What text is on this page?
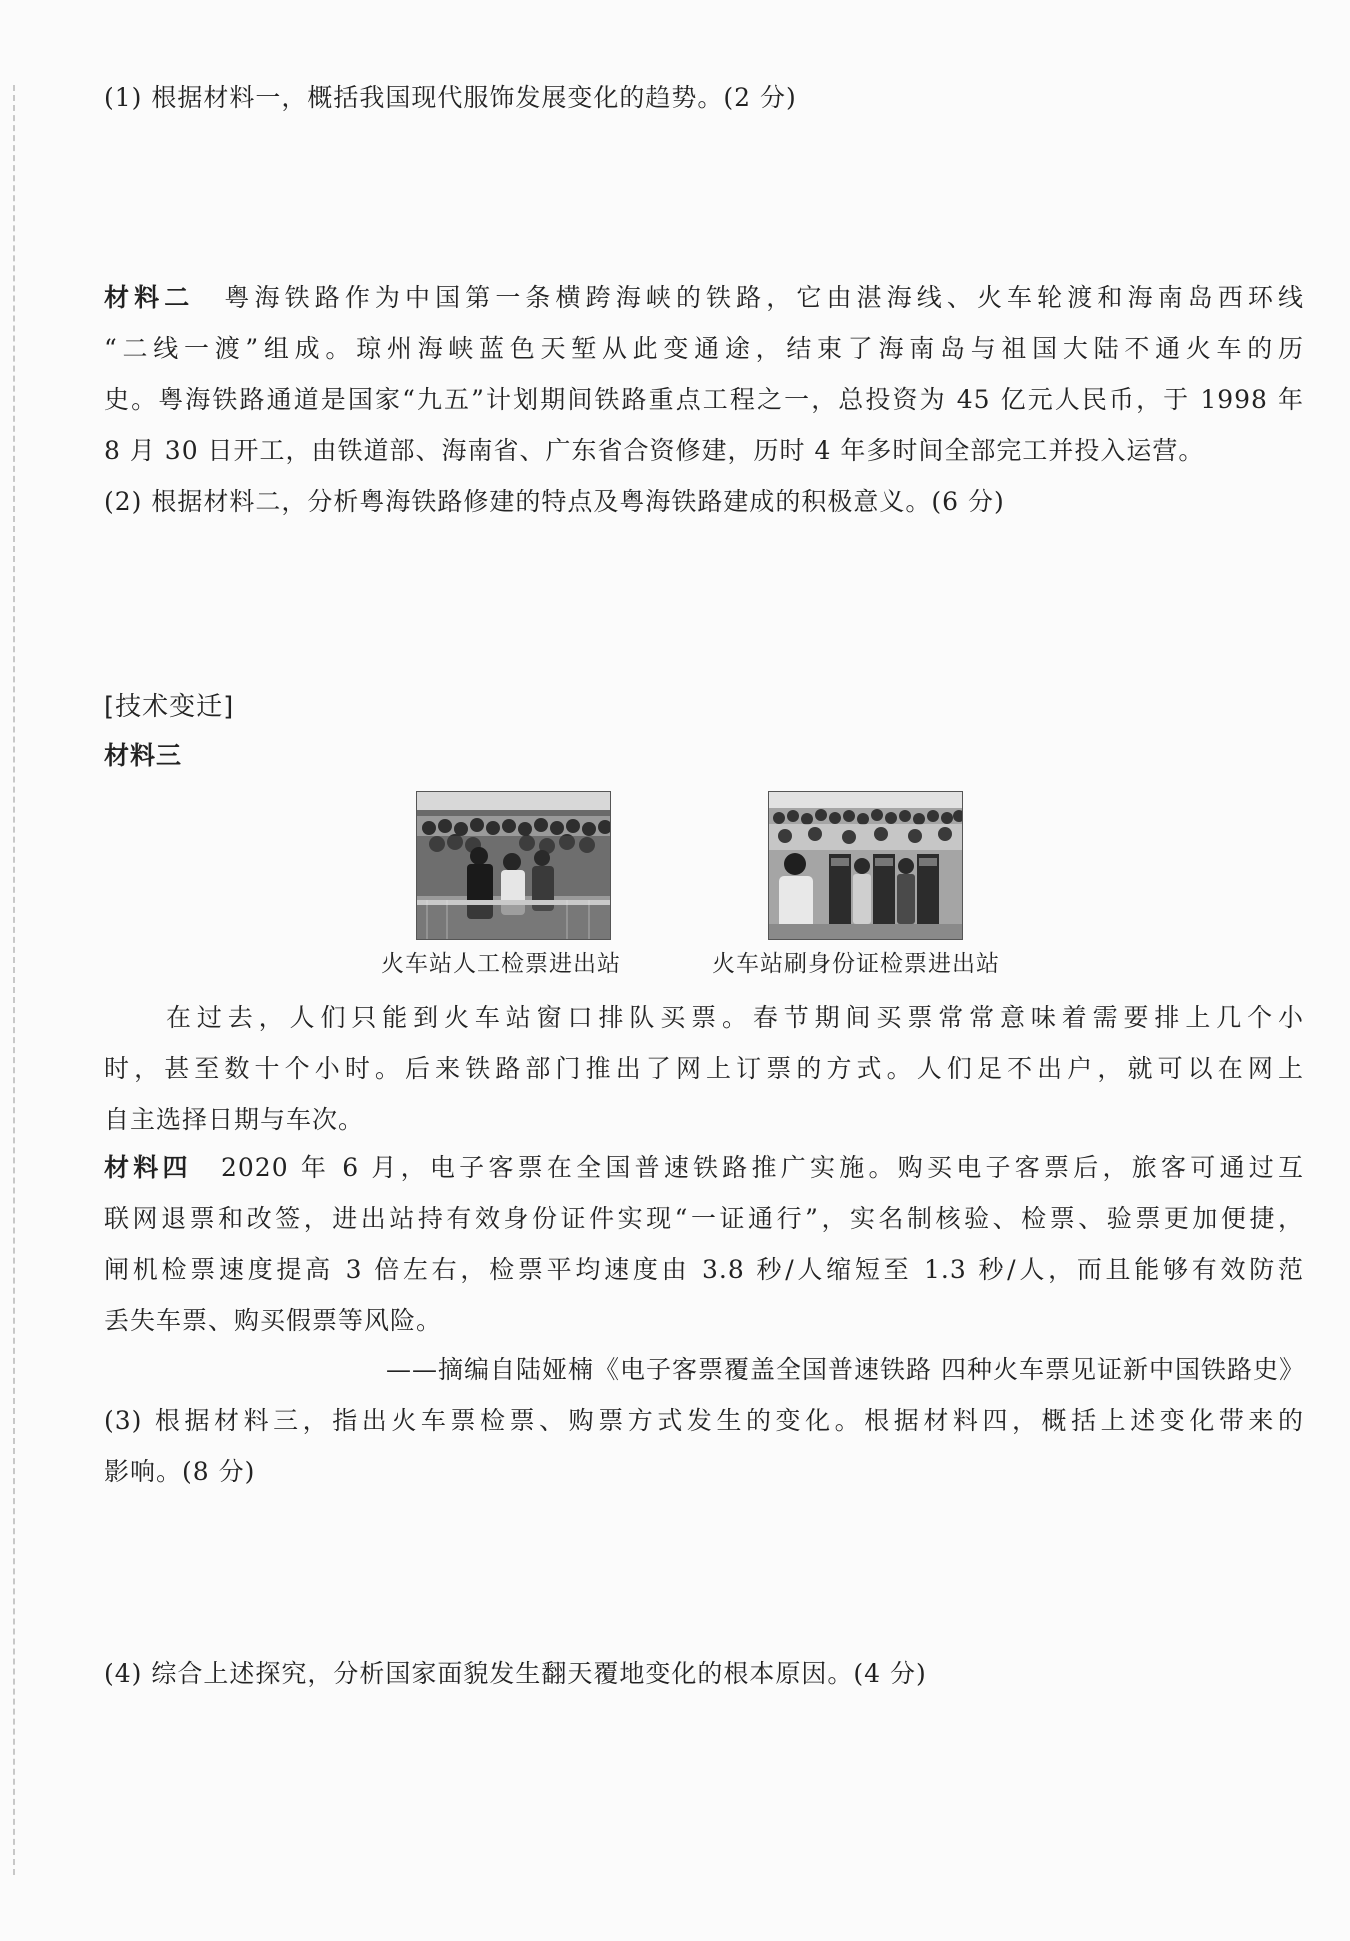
(1) 根据材料一，概括我国现代服饰发展变化的趋势。(2 分)
材料二　 粤海铁路作为中国第一条横跨海峡的铁路，它由湛海线、火车轮渡和海南岛西环线
“二线一渡”组成。琼州海峡蓝色天堑从此变通途，结束了海南岛与祖国大陆不通火车的历
史。粤海铁路通道是国家“九五”计划期间铁路重点工程之一，总投资为 45 亿元人民币，于 1998 年
8 月 30 日开工，由铁道部、海南省、广东省合资修建，历时 4 年多时间全部完工并投入运营。
(2) 根据材料二，分析粤海铁路修建的特点及粤海铁路建成的积极意义。(6 分)
[技术变迁]
材料三
火车站人工检票进出站	火车站刷身份证检票进出站
在过去，人们只能到火车站窗口排队买票。春节期间买票常常意味着需要排上几个小
时，甚至数十个小时。后来铁路部门推出了网上订票的方式。人们足不出户，就可以在网上
自主选择日期与车次。
材料四　 2020 年 6 月，电子客票在全国普速铁路推广实施。购买电子客票后，旅客可通过互
联网退票和改签，进出站持有效身份证件实现“一证通行”，实名制核验、检票、验票更加便捷，
闸机检票速度提高 3 倍左右，检票平均速度由 3.8 秒/人缩短至 1.3 秒/人，而且能够有效防范
丢失车票、购买假票等风险。
——摘编自陆娅楠《电子客票覆盖全国普速铁路 四种火车票见证新中国铁路史》
(3) 根据材料三，指出火车票检票、购票方式发生的变化。根据材料四，概括上述变化带来的
影响。(8 分)
(4) 综合上述探究，分析国家面貌发生翻天覆地变化的根本原因。(4 分)
